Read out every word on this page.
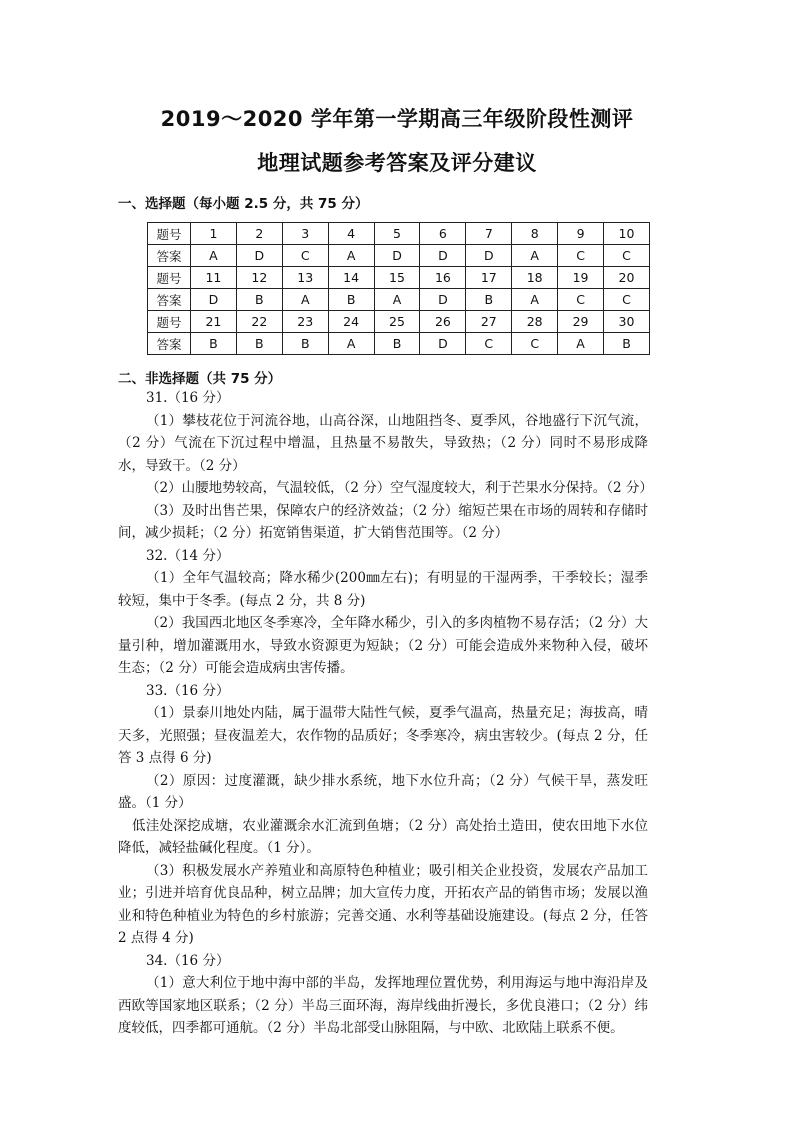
2019～2020 学年第一学期高三年级阶段性测评
地理试题参考答案及评分建议
一、选择题（每小题 2.5 分，共 75 分）
题号	1	2	3	4	5	6	7	8	9	10
答案	A	D	C	A	D	D	D	A	C	C
题号	11	12	13	14	15	16	17	18	19	20
答案	D	B	A	B	A	D	B	A	C	C
题号	21	22	23	24	25	26	27	28	29	30
答案	B	B	B	A	B	D	C	C	A	B
二、非选择题（共 75 分）

31.（16 分）

（1）攀枝花位于河流谷地，山高谷深，山地阻挡冬、夏季风，谷地盛行下沉气流，（2 分）气流在下沉过程中增温，且热量不易散失，导致热；（2 分）同时不易形成降水，导致干。（2 分）

（2）山腰地势较高，气温较低，（2 分）空气湿度较大，利于芒果水分保持。（2 分）

（3）及时出售芒果，保障农户的经济效益；（2 分）缩短芒果在市场的周转和存储时间，减少损耗；（2 分）拓宽销售渠道，扩大销售范围等。（2 分）

32.（14 分）

（1）全年气温较高；降水稀少(200㎜左右)；有明显的干湿两季，干季较长；湿季较短，集中于冬季。(每点 2 分，共 8 分)

（2）我国西北地区冬季寒冷，全年降水稀少，引入的多肉植物不易存活；（2 分）大量引种，增加灌溉用水，导致水资源更为短缺；（2 分）可能会造成外来物种入侵，破坏生态；（2 分）可能会造成病虫害传播。

33.（16 分）

（1）景泰川地处内陆，属于温带大陆性气候，夏季气温高，热量充足；海拔高，晴天多，光照强；昼夜温差大，农作物的品质好；冬季寒冷，病虫害较少。(每点 2 分，任答 3 点得 6 分)

（2）原因：过度灌溉，缺少排水系统，地下水位升高；（2 分）气候干旱，蒸发旺盛。（1 分）

低洼处深挖成塘，农业灌溉余水汇流到鱼塘；（2 分）高处抬土造田，使农田地下水位降低，减轻盐碱化程度。（1 分）。

（3）积极发展水产养殖业和高原特色种植业；吸引相关企业投资，发展农产品加工业；引进并培育优良品种，树立品牌；加大宣传力度，开拓农产品的销售市场；发展以渔业和特色种植业为特色的乡村旅游；完善交通、水利等基础设施建设。(每点 2 分，任答 2 点得 4 分)

34.（16 分）

（1）意大利位于地中海中部的半岛，发挥地理位置优势，利用海运与地中海沿岸及西欧等国家地区联系；（2 分）半岛三面环海，海岸线曲折漫长，多优良港口；（2 分）纬度较低，四季都可通航。（2 分）半岛北部受山脉阻隔，与中欧、北欧陆上联系不便。
